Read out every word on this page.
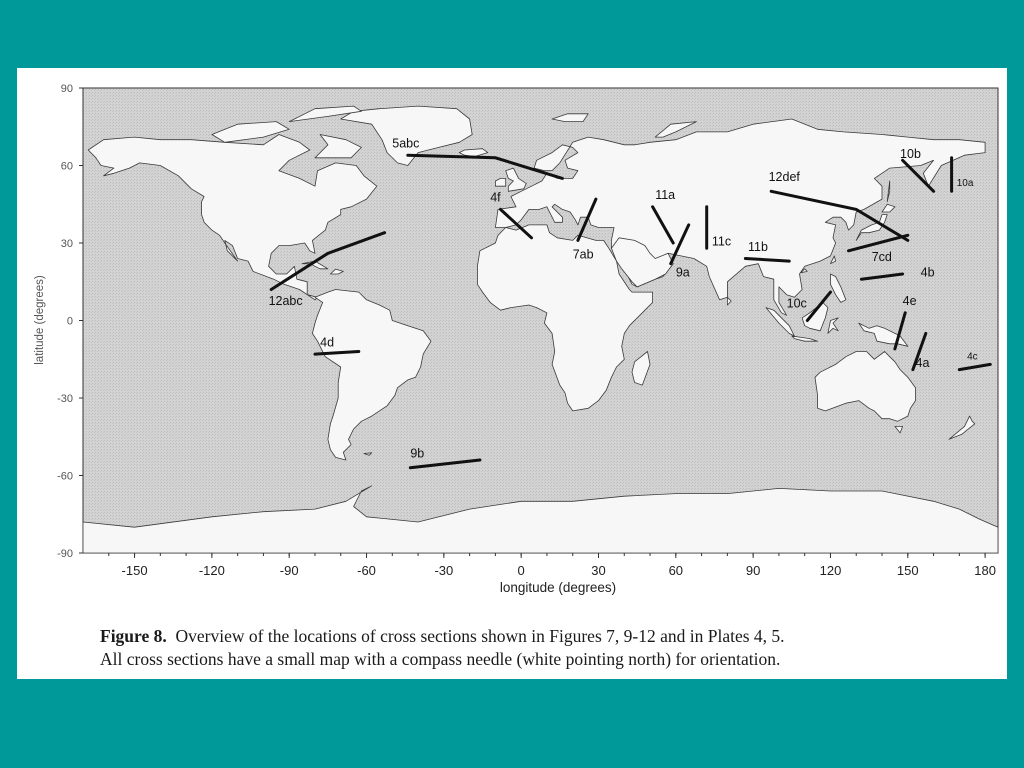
-150	-120	-90	-60	-30	0	30	60	90	120	150	180
90
60
30
0
-30
-60
-90
5abc
12abc
4f
7ab
11a
9a
11c 11b
12def
10b
10a
7cd
4b
10c	4e
4a	4c
4d
9b
longitude (degrees)
latitude (degrees)
Figure 8. Overview of the locations of cross sections shown in Figures 7, 9-12 and in Plates 4, 5.
All cross sections have a small map with a compass needle (white pointing north) for orientation.
